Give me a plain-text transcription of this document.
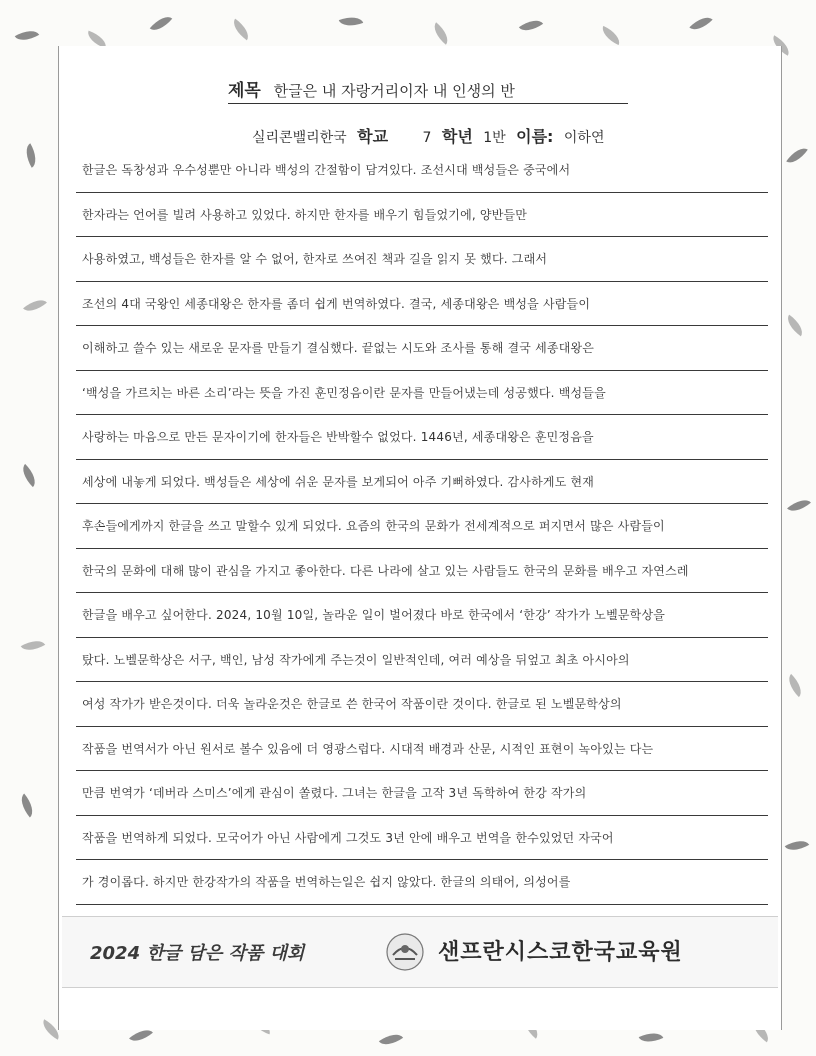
제목 한글은 내 자랑거리이자 내 인생의 반
실리콘밸리한국 학교 7 학년 1반 이름: 이하연
한글은 독창성과 우수성뿐만 아니라 백성의 간절함이 담겨있다. 조선시대 백성들은 중국에서
한자라는 언어를 빌려 사용하고 있었다. 하지만 한자를 배우기 힘들었기에, 양반들만
사용하였고, 백성들은 한자를 알 수 없어, 한자로 쓰여진 책과 길을 읽지 못 했다. 그래서
조선의 4대 국왕인 세종대왕은 한자를 좀더 쉽게 번역하였다. 결국, 세종대왕은 백성을 사람들이
이해하고 쓸수 있는 새로운 문자를 만들기 결심했다. 끝없는 시도와 조사를 통해 결국 세종대왕은
‘백성을 가르치는 바른 소리’라는 뜻을 가진 훈민정음이란 문자를 만들어냈는데 성공했다. 백성들을
사랑하는 마음으로 만든 문자이기에 한자들은 반박할수 없었다. 1446년, 세종대왕은 훈민정음을
세상에 내놓게 되었다. 백성들은 세상에 쉬운 문자를 보게되어 아주 기뻐하였다. 감사하게도 현재
후손들에게까지 한글을 쓰고 말할수 있게 되었다. 요즘의 한국의 문화가 전세계적으로 퍼지면서 많은 사람들이
한국의 문화에 대해 많이 관심을 가지고 좋아한다. 다른 나라에 살고 있는 사람들도 한국의 문화를 배우고 자연스레
한글을 배우고 싶어한다. 2024, 10월 10일, 놀라운 일이 벌어졌다 바로 한국에서 ‘한강’ 작가가 노벨문학상을
탔다. 노벨문학상은 서구, 백인, 남성 작가에게 주는것이 일반적인데, 여러 예상을 뒤엎고 최초 아시아의
여성 작가가 받은것이다. 더욱 놀라운것은 한글로 쓴 한국어 작품이란 것이다. 한글로 된 노벨문학상의
작품을 번역서가 아닌 원서로 볼수 있음에 더 영광스럽다. 시대적 배경과 산문, 시적인 표현이 녹아있는 다는
만큼 번역가 ‘데버라 스미스’에게 관심이 쏠렸다. 그녀는 한글을 고작 3년 독학하여 한강 작가의
작품을 번역하게 되었다. 모국어가 아닌 사람에게 그것도 3년 안에 배우고 번역을 한수있었던 자국어
가 경이롭다. 하지만 한강작가의 작품을 번역하는일은 쉽지 않았다. 한글의 의태어, 의성어를
2024 한글 담은 작품 대회	샌프란시스코한국교육원
